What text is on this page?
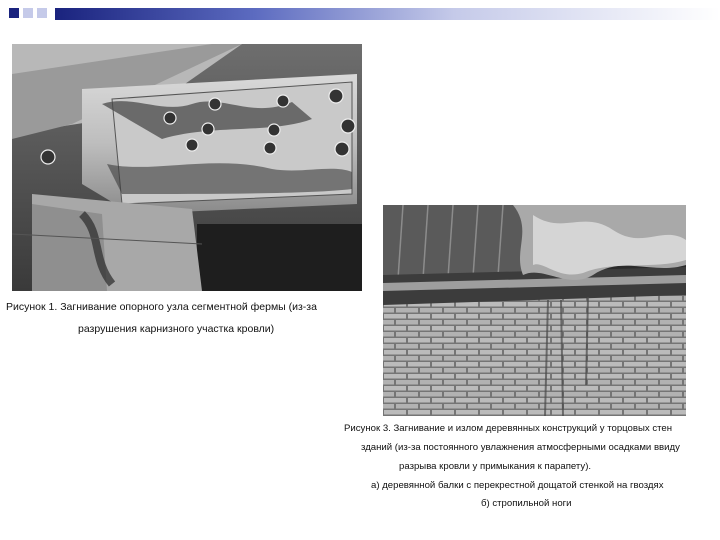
Рисунок 1. Загнивание опорного узла сегментной фермы (из-за
разрушения карнизного участка кровли)
Рисунок 3. Загнивание и излом деревянных конструкций у торцовых стен
зданий (из-за постоянного увлажнения атмосферными осадками ввиду
разрыва кровли у примыкания к парапету).
а) деревянной балки с перекрестной дощатой стенкой на гвоздях
б) стропильной ноги
